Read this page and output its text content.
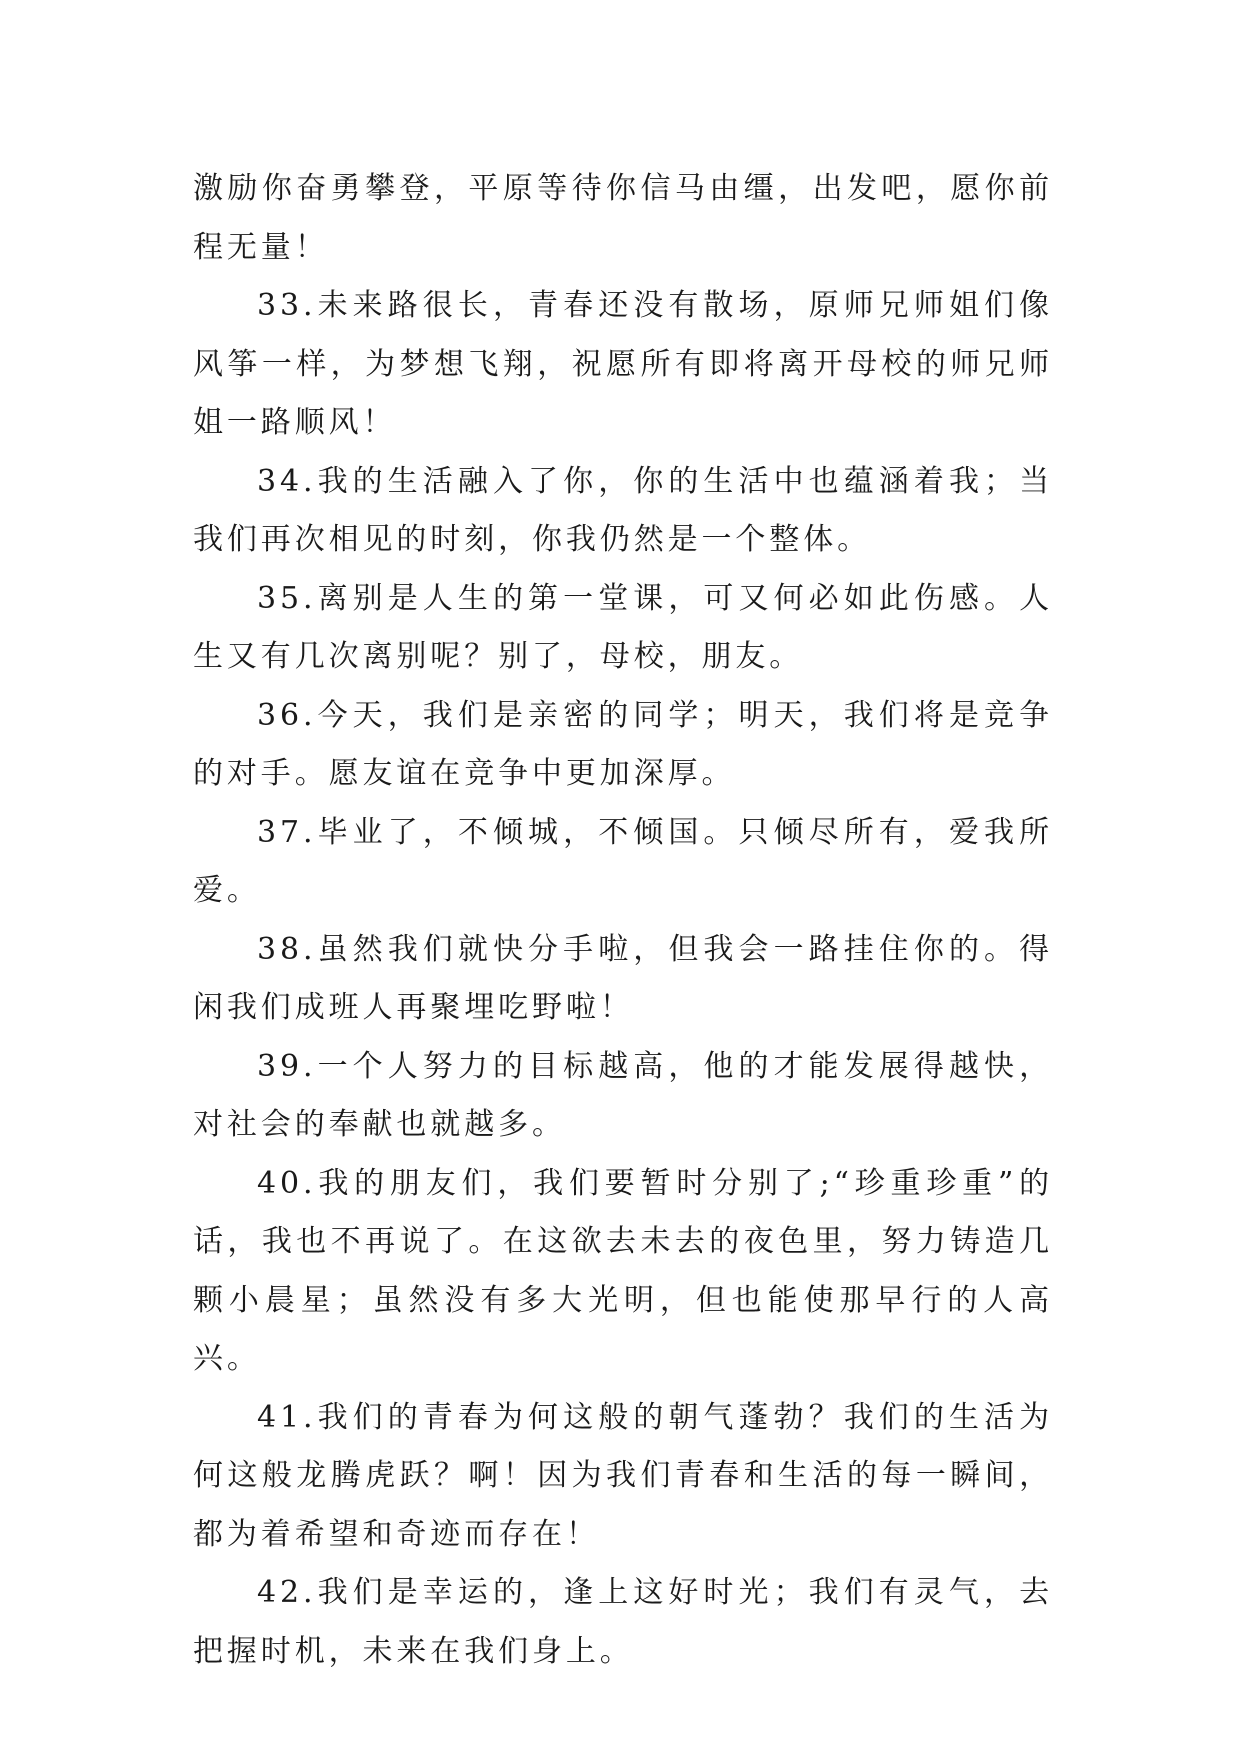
激励你奋勇攀登，平原等待你信马由缰，出发吧，愿你前程无量！

33.未来路很长，青春还没有散场，原师兄师姐们像风筝一样，为梦想飞翔，祝愿所有即将离开母校的师兄师姐一路顺风！

34.我的生活融入了你，你的生活中也蕴涵着我；当我们再次相见的时刻，你我仍然是一个整体。

35.离别是人生的第一堂课，可又何必如此伤感。人生又有几次离别呢？别了，母校，朋友。

36.今天，我们是亲密的同学；明天，我们将是竞争的对手。愿友谊在竞争中更加深厚。

37.毕业了，不倾城，不倾国。只倾尽所有，爱我所爱。

38.虽然我们就快分手啦，但我会一路挂住你的。得闲我们成班人再聚埋吃野啦！

39.一个人努力的目标越高，他的才能发展得越快，对社会的奉献也就越多。

40.我的朋友们，我们要暂时分别了;“珍重珍重”的话，我也不再说了。在这欲去未去的夜色里，努力铸造几颗小晨星；虽然没有多大光明，但也能使那早行的人高兴。

41.我们的青春为何这般的朝气蓬勃？我们的生活为何这般龙腾虎跃？啊！因为我们青春和生活的每一瞬间，都为着希望和奇迹而存在！

42.我们是幸运的，逢上这好时光；我们有灵气，去把握时机，未来在我们身上。
